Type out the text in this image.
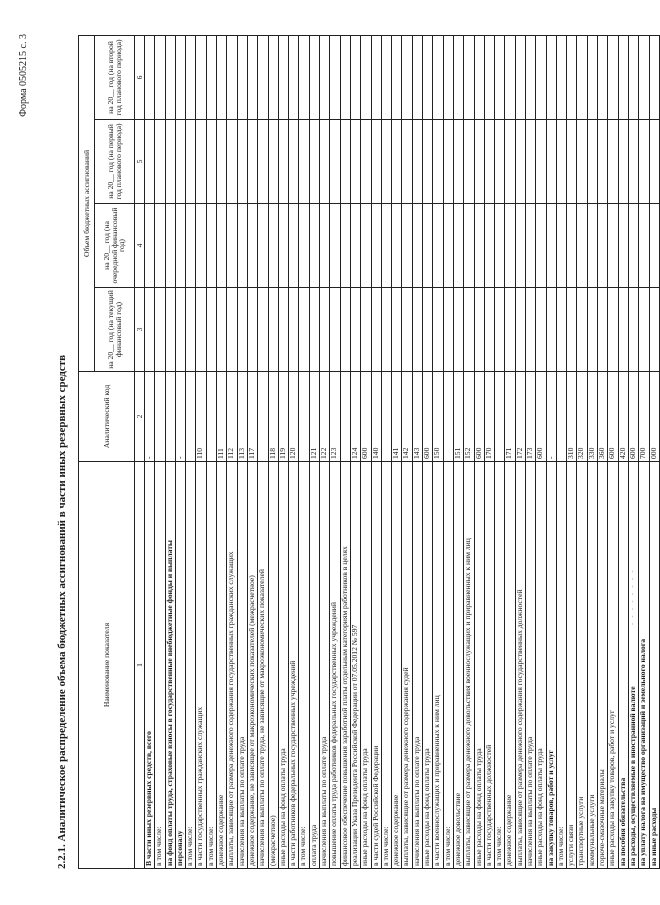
Форма 0505215 с. 3
2.2.1. Аналитическое распределение объема бюджетных ассигнований в части иных резервных средств	Наименование показателя	Аналитический код	Объем бюджетных ассигнований			
		на 20__ год (на текущий финансовый год)	на 20__ год (на очередной финансовый год)	на 20__ год (на первый год планового периода)	на 20__ год (на второй год планового периода)
1	2	3	4	5	6
В части иных резервных средств, всего	-				
в том числе:					
на фонд оплаты труда, страховые взносы в государственные внебюджетные фонды и выплаты					
персоналу	-				
в том числе:					
в части государственных гражданских служащих	110				
в том числе:					
денежное содержание	111				
выплаты, зависящие от размера денежного содержания государственных гражданских служащих	112				
начисления на выплаты по оплате труда	113				
денежное содержание, не зависящее от макроэкономических показателей (межрасчетное)	117				
начисления на выплаты по оплате труда, не зависящие от макроэкономических показателей					
(межрасчетное)	118				
иные расходы на фонд оплаты труда	119				
в части работников федеральных государственных учреждений	120				
в том числе:					
оплата труда	121				
начисления на выплаты по оплате труда	122				
повышение оплаты труда работников федеральных государственных учреждений	123				
финансовое обеспечение повышения заработной платы отдельным категориям работников в целях					
реализации Указа Президента Российской Федерации от 07.05.2012 № 597	124				
иные расходы на фонд оплаты труда	600				
в части судей Российской Федерации	140				
в том числе:					
денежное содержание	141				
выплаты, зависящие от размера денежного содержания судей	142				
начисления на выплаты по оплате труда	143				
иные расходы на фонд оплаты труда	600				
в части военнослужащих и приравненных к ним лиц	150				
в том числе:					
денежное довольствие	151				
выплаты, зависящие от размера денежного довольствия военнослужащих и приравненных к ним лиц	152				
иные расходы на фонд оплаты труда	600				
в части государственных должностей	170				
в том числе:					
денежное содержание	171				
выплаты, зависящие от размера денежного содержания государственных должностей	172				
начисления на выплаты по оплате труда	173				
иные расходы на фонд оплаты труда	600				
на закупку товаров, работ и услуг	-				
в том числе:					
услуги связи	310				
транспортные услуги	320				
коммунальные услуги	330				
горюче-смазочные материалы	360				
иные расходы на закупку товаров, работ и услуг	600				
на пособия обязательства	420				
на расходы, осуществляемые в иностранной валюте	600				
на уплату налога на имущество организаций и земельного налога	700				
на иные расходы	000				
- - - - - - - -
